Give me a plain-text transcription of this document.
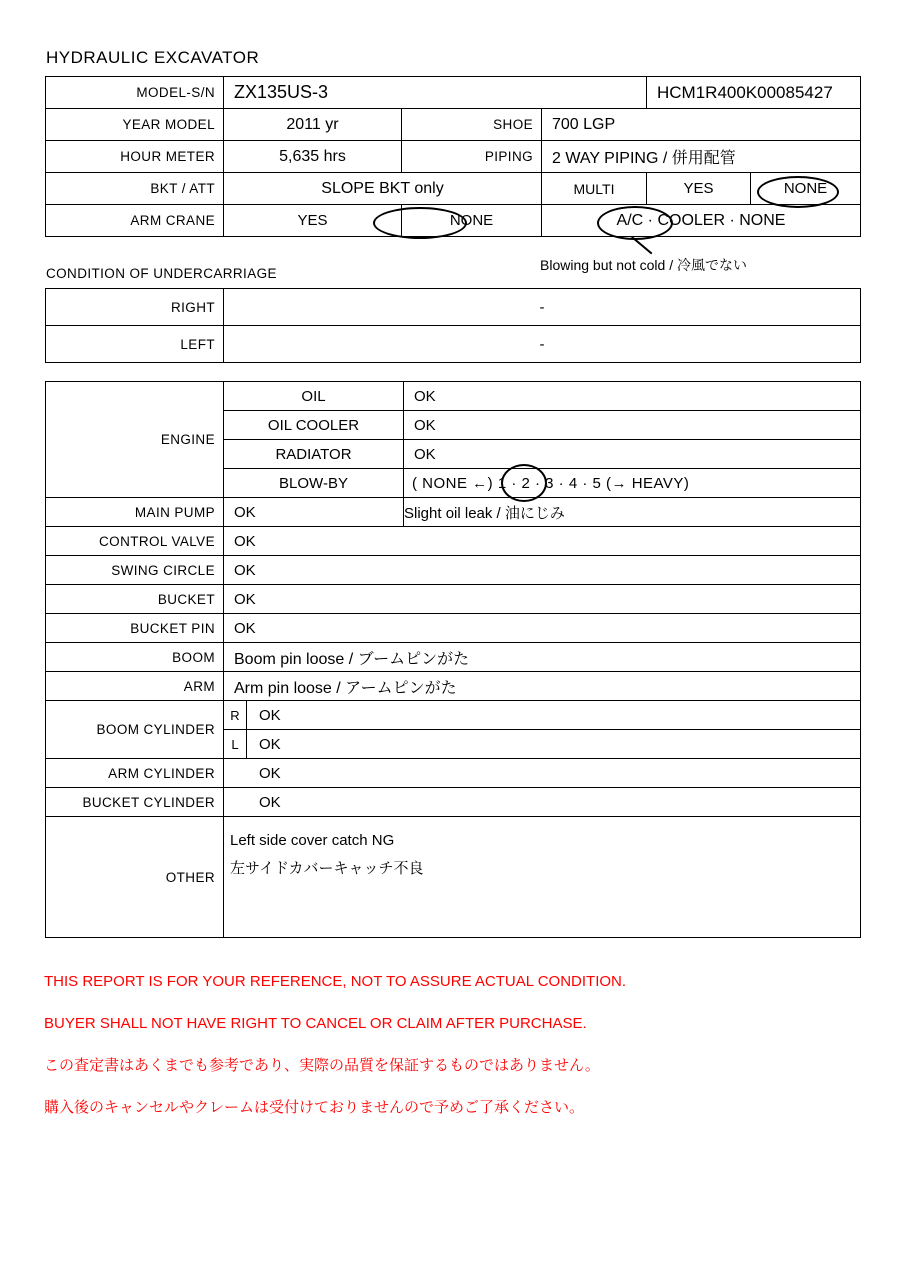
HYDRAULIC EXCAVATOR
MODEL-S/N	ZX135US-3			HCM1R400K00085427	
YEAR MODEL	2011 yr	SHOE	700 LGP		
HOUR METER	5,635 hrs	PIPING	2 WAY PIPING / 併用配管		
BKT / ATT	SLOPE BKT only		MULTI	YES	NONE
ARM CRANE	YES	NONE	A/C · COOLER · NONE		
Blowing but not cold / 冷風でない
CONDITION OF UNDERCARRIAGE
RIGHT	-
LEFT	-
ENGINE	OIL	OK
	OIL COOLER	OK
	RADIATOR	OK
	BLOW-BY	( NONE ←) 1 · 2 · 3 · 4 · 5 (→ HEAVY)
MAIN PUMP	OK	Slight oil leak / 油にじみ
CONTROL VALVE	OK	
SWING CIRCLE	OK	
BUCKET	OK	
BUCKET PIN	OK	
BOOM	Boom pin loose / ブームピンがた	
ARM	Arm pin loose / アームピンがた	
BOOM CYLINDER	R OK	

L OK	

ARM CYLINDER	OK	
BUCKET CYLINDER	OK	
OTHER	Left side cover catch NG
左サイドカバーキャッチ不良	

THIS REPORT IS FOR YOUR REFERENCE, NOT TO ASSURE ACTUAL CONDITION.

BUYER SHALL NOT HAVE RIGHT TO CANCEL OR CLAIM AFTER PURCHASE.

この査定書はあくまでも参考であり、実際の品質を保証するものではありません。

購入後のキャンセルやクレームは受付けておりませんので予めご了承ください。
